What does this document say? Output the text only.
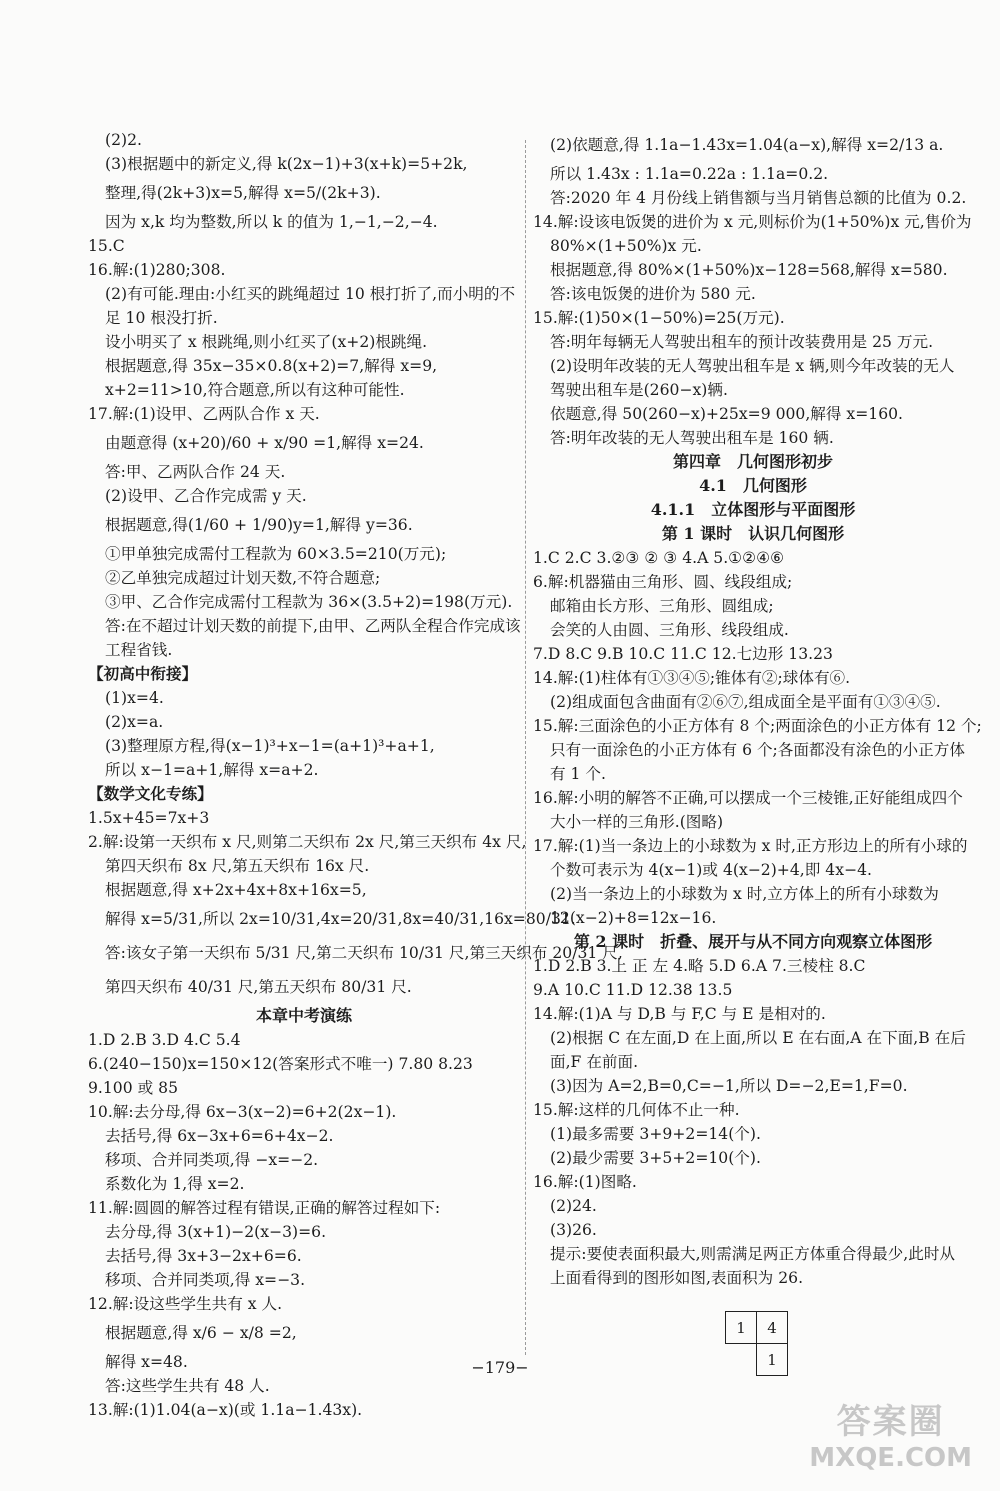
(2)2.

(3)根据题中的新定义,得 k(2x−1)+3(x+k)=5+2k,

整理,得(2k+3)x=5,解得 x=5/(2k+3).

因为 x,k 均为整数,所以 k 的值为 1,−1,−2,−4.

15.C

16.解:(1)280;308.

(2)有可能.理由:小红买的跳绳超过 10 根打折了,而小明的不

足 10 根没打折.

设小明买了 x 根跳绳,则小红买了(x+2)根跳绳.

根据题意,得 35x−35×0.8(x+2)=7,解得 x=9,

x+2=11>10,符合题意,所以有这种可能性.

17.解:(1)设甲、乙两队合作 x 天.

由题意得 (x+20)/60 + x/90 =1,解得 x=24.

答:甲、乙两队合作 24 天.

(2)设甲、乙合作完成需 y 天.

根据题意,得(1/60 + 1/90)y=1,解得 y=36.

①甲单独完成需付工程款为 60×3.5=210(万元);

②乙单独完成超过计划天数,不符合题意;

③甲、乙合作完成需付工程款为 36×(3.5+2)=198(万元).

答:在不超过计划天数的前提下,由甲、乙两队全程合作完成该

工程省钱.

【初高中衔接】

(1)x=4.

(2)x=a.

(3)整理原方程,得(x−1)³+x−1=(a+1)³+a+1,

所以 x−1=a+1,解得 x=a+2.

【数学文化专练】

1.5x+45=7x+3

2.解:设第一天织布 x 尺,则第二天织布 2x 尺,第三天织布 4x 尺,

第四天织布 8x 尺,第五天织布 16x 尺.

根据题意,得 x+2x+4x+8x+16x=5,

解得 x=5/31,所以 2x=10/31,4x=20/31,8x=40/31,16x=80/31.

答:该女子第一天织布 5/31 尺,第二天织布 10/31 尺,第三天织布 20/31 尺,

第四天织布 40/31 尺,第五天织布 80/31 尺.

本章中考演练

1.D 2.B 3.D 4.C 5.4

6.(240−150)x=150×12(答案形式不唯一) 7.80 8.23

9.100 或 85

10.解:去分母,得 6x−3(x−2)=6+2(2x−1).

去括号,得 6x−3x+6=6+4x−2.

移项、合并同类项,得 −x=−2.

系数化为 1,得 x=2.

11.解:圆圆的解答过程有错误,正确的解答过程如下:

去分母,得 3(x+1)−2(x−3)=6.

去括号,得 3x+3−2x+6=6.

移项、合并同类项,得 x=−3.

12.解:设这些学生共有 x 人.

根据题意,得 x/6 − x/8 =2,

解得 x=48.

答:这些学生共有 48 人.

13.解:(1)1.04(a−x)(或 1.1a−1.43x).

(2)依题意,得 1.1a−1.43x=1.04(a−x),解得 x=2/13 a.

所以 1.43x : 1.1a=0.22a : 1.1a=0.2.

答:2020 年 4 月份线上销售额与当月销售总额的比值为 0.2.

14.解:设该电饭煲的进价为 x 元,则标价为(1+50%)x 元,售价为

80%×(1+50%)x 元.

根据题意,得 80%×(1+50%)x−128=568,解得 x=580.

答:该电饭煲的进价为 580 元.

15.解:(1)50×(1−50%)=25(万元).

答:明年每辆无人驾驶出租车的预计改装费用是 25 万元.

(2)设明年改装的无人驾驶出租车是 x 辆,则今年改装的无人

驾驶出租车是(260−x)辆.

依题意,得 50(260−x)+25x=9 000,解得 x=160.

答:明年改装的无人驾驶出租车是 160 辆.

第四章　几何图形初步

4.1　几何图形

4.1.1　立体图形与平面图形

第 1 课时　认识几何图形

1.C 2.C 3.②③ ② ③ 4.A 5.①②④⑥

6.解:机器猫由三角形、圆、线段组成;

邮箱由长方形、三角形、圆组成;

会笑的人由圆、三角形、线段组成.

7.D 8.C 9.B 10.C 11.C 12.七边形 13.23

14.解:(1)柱体有①③④⑤;锥体有②;球体有⑥.

(2)组成面包含曲面有②⑥⑦,组成面全是平面有①③④⑤.

15.解:三面涂色的小正方体有 8 个;两面涂色的小正方体有 12 个;

只有一面涂色的小正方体有 6 个;各面都没有涂色的小正方体

有 1 个.

16.解:小明的解答不正确,可以摆成一个三棱锥,正好能组成四个

大小一样的三角形.(图略)

17.解:(1)当一条边上的小球数为 x 时,正方形边上的所有小球的

个数可表示为 4(x−1)或 4(x−2)+4,即 4x−4.

(2)当一条边上的小球数为 x 时,立方体上的所有小球数为

12(x−2)+8=12x−16.

第 2 课时　折叠、展开与从不同方向观察立体图形

1.D 2.B 3.上 正 左 4.略 5.D 6.A 7.三棱柱 8.C

9.A 10.C 11.D 12.38 13.5

14.解:(1)A 与 D,B 与 F,C 与 E 是相对的.

(2)根据 C 在左面,D 在上面,所以 E 在右面,A 在下面,B 在后

面,F 在前面.

(3)因为 A=2,B=0,C=−1,所以 D=−2,E=1,F=0.

15.解:这样的几何体不止一种.

(1)最多需要 3+9+2=14(个).

(2)最少需要 3+5+2=10(个).

16.解:(1)图略.

(2)24.

(3)26.

提示:要使表面积最大,则需满足两正方体重合得最少,此时从

上面看得到的图形如图,表面积为 26.

1	4
	1
−179−
答案圈
MXQE.COM
